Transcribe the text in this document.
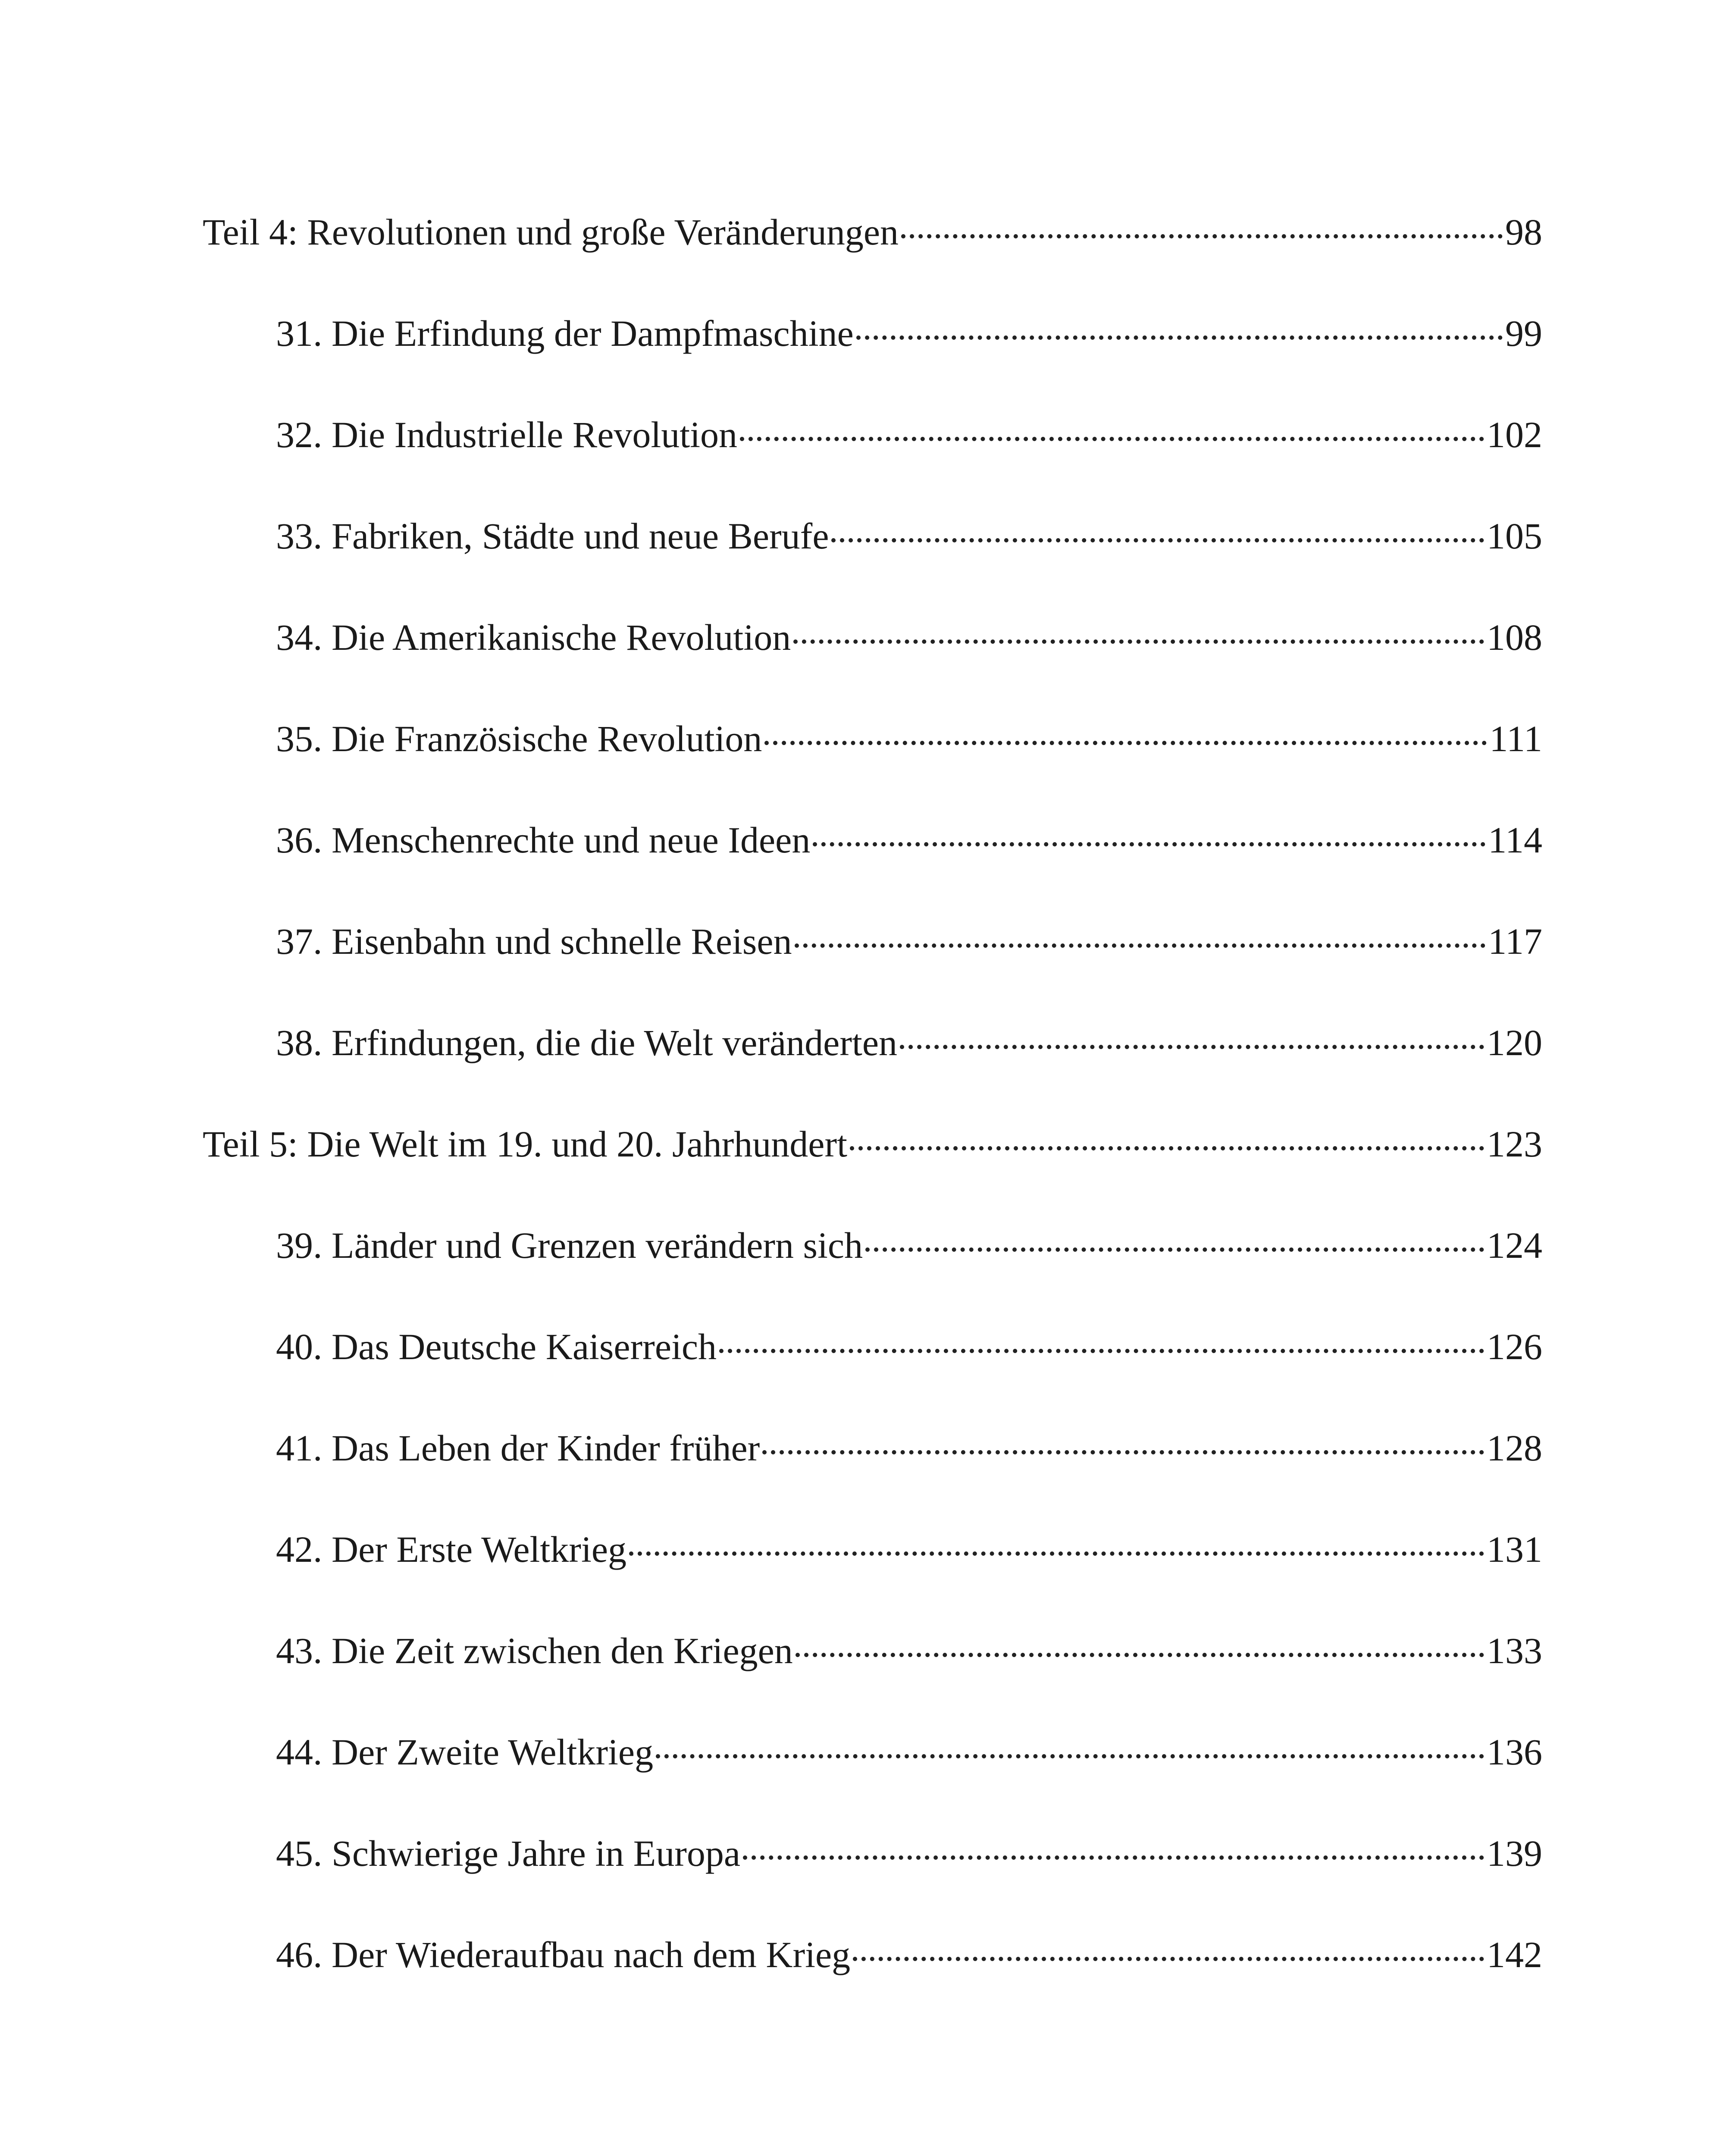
Teil 4: Revolutionen und große Veränderungen	98
31. Die Erfindung der Dampfmaschine	99
32. Die Industrielle Revolution	102
33. Fabriken, Städte und neue Berufe	105
34. Die Amerikanische Revolution	108
35. Die Französische Revolution	111
36. Menschenrechte und neue Ideen	114
37. Eisenbahn und schnelle Reisen	117
38. Erfindungen, die die Welt veränderten	120
Teil 5: Die Welt im 19. und 20. Jahrhundert	123
39. Länder und Grenzen verändern sich	124
40. Das Deutsche Kaiserreich	126
41. Das Leben der Kinder früher	128
42. Der Erste Weltkrieg	131
43. Die Zeit zwischen den Kriegen	133
44. Der Zweite Weltkrieg	136
45. Schwierige Jahre in Europa	139
46. Der Wiederaufbau nach dem Krieg	142
